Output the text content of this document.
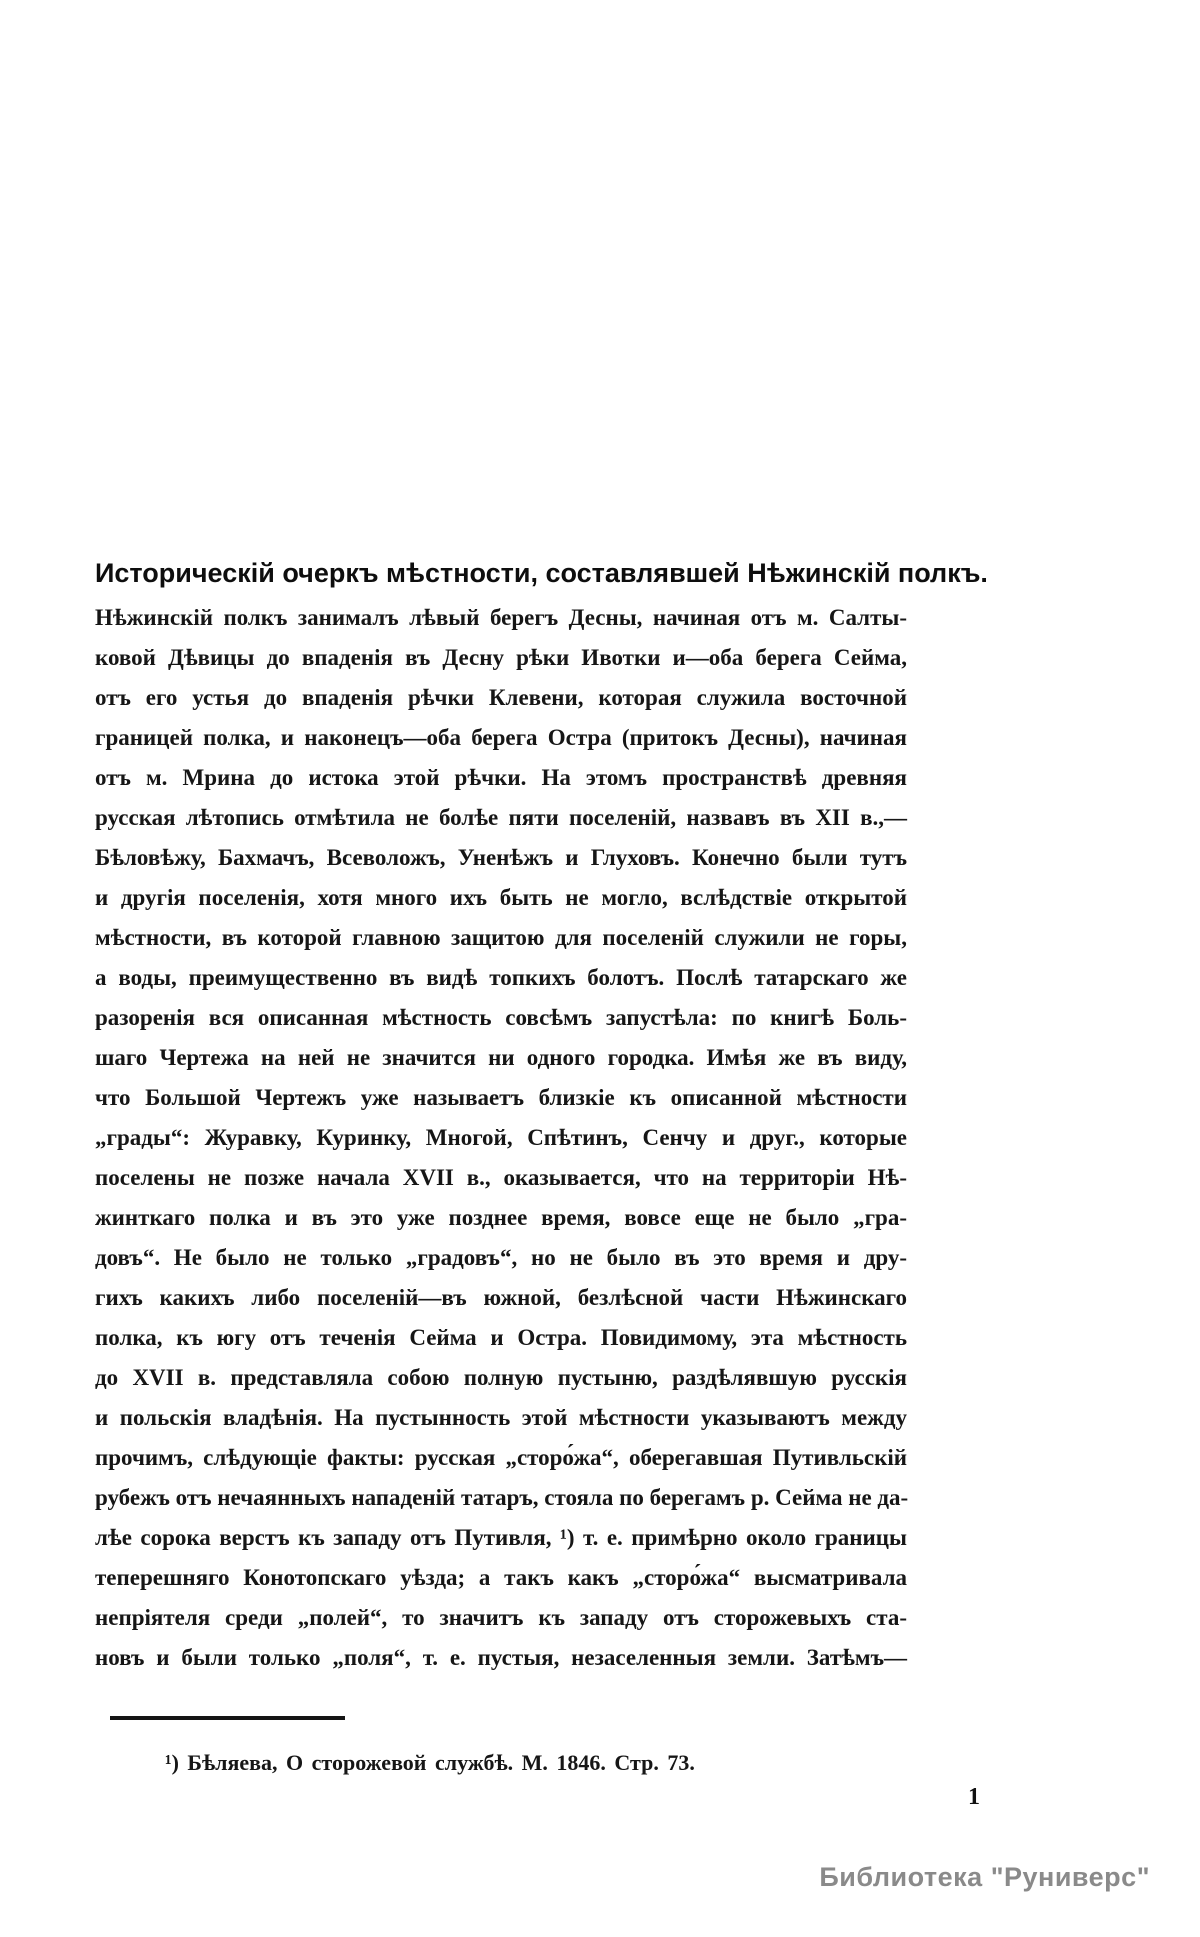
Историческій очеркъ мѣстности, составлявшей Нѣжинскій полкъ.
Нѣжинскій полкъ занималъ лѣвый берегъ Десны, начиная отъ м. Салты-
ковой Дѣвицы до впаденія въ Десну рѣки Ивотки и—оба берега Сейма,
отъ его устья до впаденія рѣчки Клевени, которая служила восточной
границей полка, и наконецъ—оба берега Остра (притокъ Десны), начиная
отъ м. Мрина до истока этой рѣчки. На этомъ пространствѣ древняя
русская лѣтопись отмѣтила не болѣе пяти поселеній, назвавъ въ XII в.,—
Бѣловѣжу, Бахмачъ, Всеволожъ, Уненѣжъ и Глуховъ. Конечно были тутъ
и другія поселенія, хотя много ихъ быть не могло, вслѣдствіе открытой
мѣстности, въ которой главною защитою для поселеній служили не горы,
а воды, преимущественно въ видѣ топкихъ болотъ. Послѣ татарскаго же
разоренія вся описанная мѣстность совсѣмъ запустѣла: по книгѣ Боль-
шаго Чертежа на ней не значится ни одного городка. Имѣя же въ виду,
что Большой Чертежъ уже называетъ близкіе къ описанной мѣстности
„грады“: Журавку, Куринку, Многой, Спѣтинъ, Сенчу и друг., которые
поселены не позже начала XVII в., оказывается, что на территоріи Нѣ-
жинткаго полка и въ это уже позднее время, вовсе еще не было „гра-
довъ“. Не было не только „градовъ“, но не было въ это время и дру-
гихъ какихъ либо поселеній—въ южной, безлѣсной части Нѣжинскаго
полка, къ югу отъ теченія Сейма и Остра. Повидимому, эта мѣстность
до XVII в. представляла собою полную пустыню, раздѣлявшую русскія
и польскія владѣнія. На пустынность этой мѣстности указываютъ между
прочимъ, слѣдующіе факты: русская „сторо́жа“, оберегавшая Путивльскій
рубежъ отъ нечаянныхъ нападеній татаръ, стояла по берегамъ р. Сейма не да-
лѣе сорока верстъ къ западу отъ Путивля, ¹) т. е. примѣрно около границы
теперешняго Конотопскаго уѣзда; а такъ какъ „сторо́жа“ высматривала
непріятеля среди „полей“, то значитъ къ западу отъ сторожевыхъ ста-
новъ и были только „поля“, т. е. пустыя, незаселенныя земли. Затѣмъ—
¹) Бѣляева, О сторожевой службѣ. М. 1846. Стр. 73.
1
Библиотека "Руниверс"
